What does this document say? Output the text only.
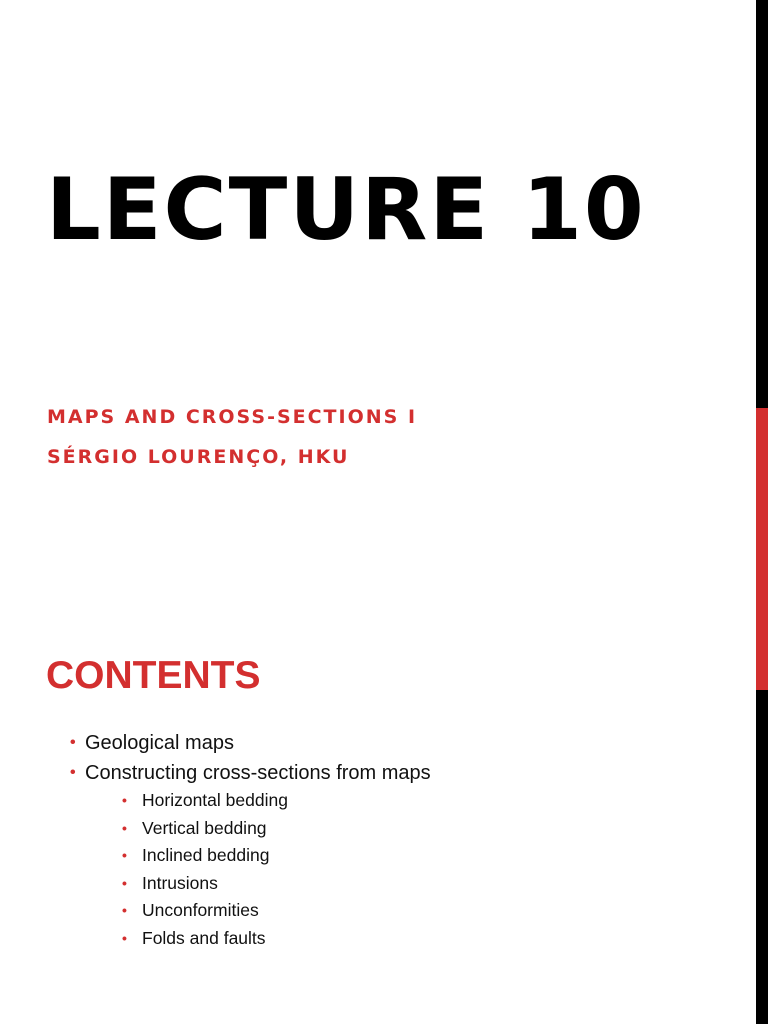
LECTURE 10

MAPS AND CROSS-SECTIONS I

SÉRGIO LOURENÇO, HKU

CONTENTS
• Geological maps
• Constructing cross-sections from maps
• Horizontal bedding
• Vertical bedding
• Inclined bedding
• Intrusions
• Unconformities
• Folds and faults
